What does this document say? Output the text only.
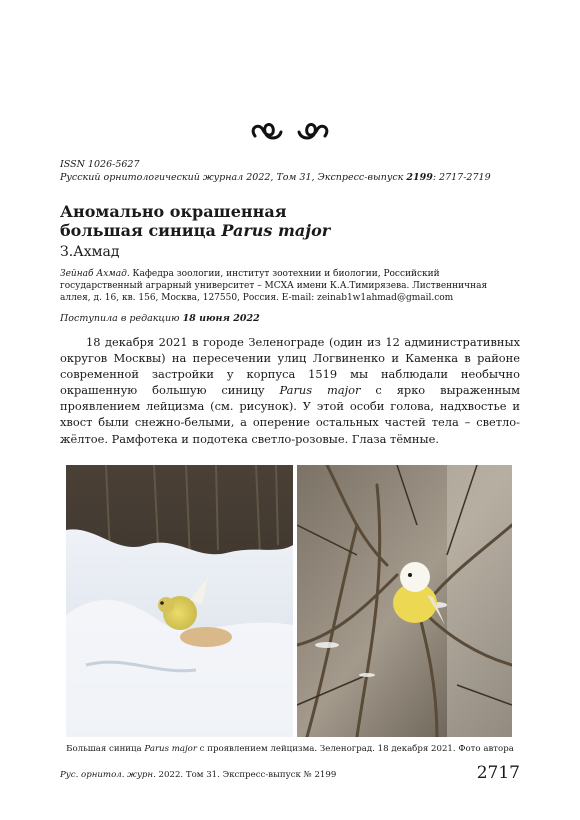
ISSN 1026-5627
Русский орнитологический журнал 2022, Том 31, Экспресс-выпуск 2199: 2717-2719
Аномально окрашенная
большая синица Parus major
З.Ахмад
Зейнаб Ахмад. Кафедра зоологии, институт зоотехнии и биологии, Российский государственный аграрный университет – МСХА имени К.А.Тимирязева. Лиственничная аллея, д. 16, кв. 156, Москва, 127550, Россия. E-mail: zeinab1w1ahmad@gmail.com
Поступила в редакцию 18 июня 2022

18 декабря 2021 в городе Зеленограде (один из 12 административных округов Москвы) на пересечении улиц Логвиненко и Каменка в районе современной застройки у корпуса 1519 мы наблюдали необычно окрашенную большую синицу Parus major с ярко выраженным проявлением лейцизма (см. рисунок). У этой особи голова, надхвостье и хвост были снежно-белыми, а оперение остальных частей тела – светло-жёлтое. Рамфотека и подотека светло-розовые. Глаза тёмные.

Большая синица Parus major с проявлением лейцизма. Зеленоград. 18 декабря 2021. Фото автора
Рус. орнитол. журн. 2022. Том 31. Экспресс-выпуск № 2199	2717
